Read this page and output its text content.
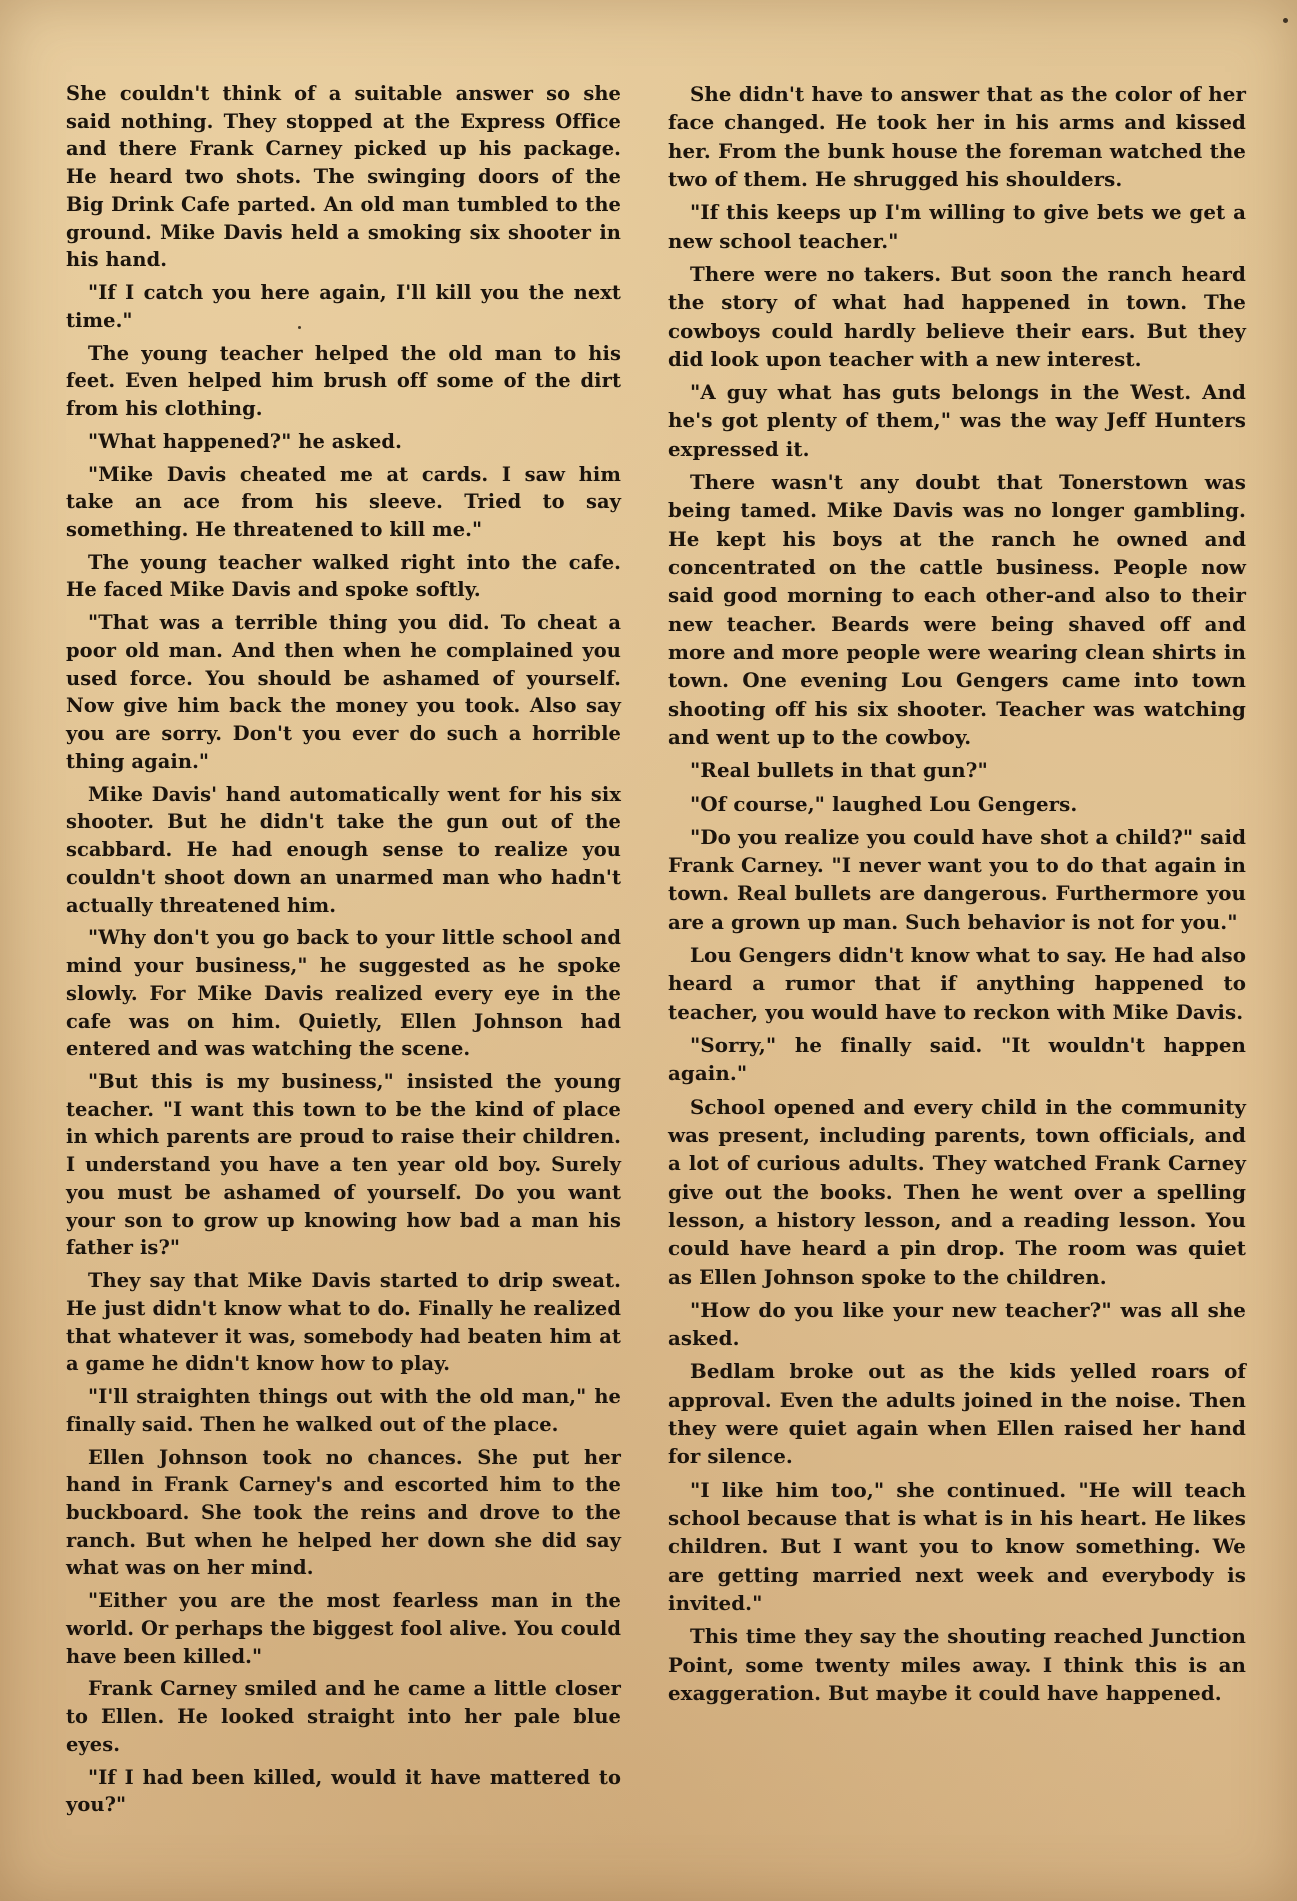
She couldn't think of a suitable answer so she said nothing. They stopped at the Express Office and there Frank Carney picked up his package. He heard two shots. The swinging doors of the Big Drink Cafe parted. An old man tumbled to the ground. Mike Davis held a smoking six shooter in his hand.

"If I catch you here again, I'll kill you the next time."

The young teacher helped the old man to his feet. Even helped him brush off some of the dirt from his clothing.

"What happened?" he asked.

"Mike Davis cheated me at cards. I saw him take an ace from his sleeve. Tried to say something. He threatened to kill me."

The young teacher walked right into the cafe. He faced Mike Davis and spoke softly.

"That was a terrible thing you did. To cheat a poor old man. And then when he complained you used force. You should be ashamed of yourself. Now give him back the money you took. Also say you are sorry. Don't you ever do such a horrible thing again."

Mike Davis' hand automatically went for his six shooter. But he didn't take the gun out of the scabbard. He had enough sense to realize you couldn't shoot down an unarmed man who hadn't actually threatened him.

"Why don't you go back to your little school and mind your business," he suggested as he spoke slowly. For Mike Davis realized every eye in the cafe was on him. Quietly, Ellen Johnson had entered and was watching the scene.

"But this is my business," insisted the young teacher. "I want this town to be the kind of place in which parents are proud to raise their children. I understand you have a ten year old boy. Surely you must be ashamed of yourself. Do you want your son to grow up knowing how bad a man his father is?"

They say that Mike Davis started to drip sweat. He just didn't know what to do. Finally he realized that whatever it was, somebody had beaten him at a game he didn't know how to play.

"I'll straighten things out with the old man," he finally said. Then he walked out of the place.

Ellen Johnson took no chances. She put her hand in Frank Carney's and escorted him to the buckboard. She took the reins and drove to the ranch. But when he helped her down she did say what was on her mind.

"Either you are the most fearless man in the world. Or perhaps the biggest fool alive. You could have been killed."

Frank Carney smiled and he came a little closer to Ellen. He looked straight into her pale blue eyes.

"If I had been killed, would it have mattered to you?"

She didn't have to answer that as the color of her face changed. He took her in his arms and kissed her. From the bunk house the foreman watched the two of them. He shrugged his shoulders.

"If this keeps up I'm willing to give bets we get a new school teacher."

There were no takers. But soon the ranch heard the story of what had happened in town. The cowboys could hardly believe their ears. But they did look upon teacher with a new interest.

"A guy what has guts belongs in the West. And he's got plenty of them," was the way Jeff Hunters expressed it.

There wasn't any doubt that Tonerstown was being tamed. Mike Davis was no longer gambling. He kept his boys at the ranch he owned and concentrated on the cattle business. People now said good morning to each other-and also to their new teacher. Beards were being shaved off and more and more people were wearing clean shirts in town. One evening Lou Gengers came into town shooting off his six shooter. Teacher was watching and went up to the cowboy.

"Real bullets in that gun?"

"Of course," laughed Lou Gengers.

"Do you realize you could have shot a child?" said Frank Carney. "I never want you to do that again in town. Real bullets are dangerous. Furthermore you are a grown up man. Such behavior is not for you."

Lou Gengers didn't know what to say. He had also heard a rumor that if anything happened to teacher, you would have to reckon with Mike Davis.

"Sorry," he finally said. "It wouldn't happen again."

School opened and every child in the community was present, including parents, town officials, and a lot of curious adults. They watched Frank Carney give out the books. Then he went over a spelling lesson, a history lesson, and a reading lesson. You could have heard a pin drop. The room was quiet as Ellen Johnson spoke to the children.

"How do you like your new teacher?" was all she asked.

Bedlam broke out as the kids yelled roars of approval. Even the adults joined in the noise. Then they were quiet again when Ellen raised her hand for silence.

"I like him too," she continued. "He will teach school because that is what is in his heart. He likes children. But I want you to know something. We are getting married next week and everybody is invited."

This time they say the shouting reached Junction Point, some twenty miles away. I think this is an exaggeration. But maybe it could have happened.
